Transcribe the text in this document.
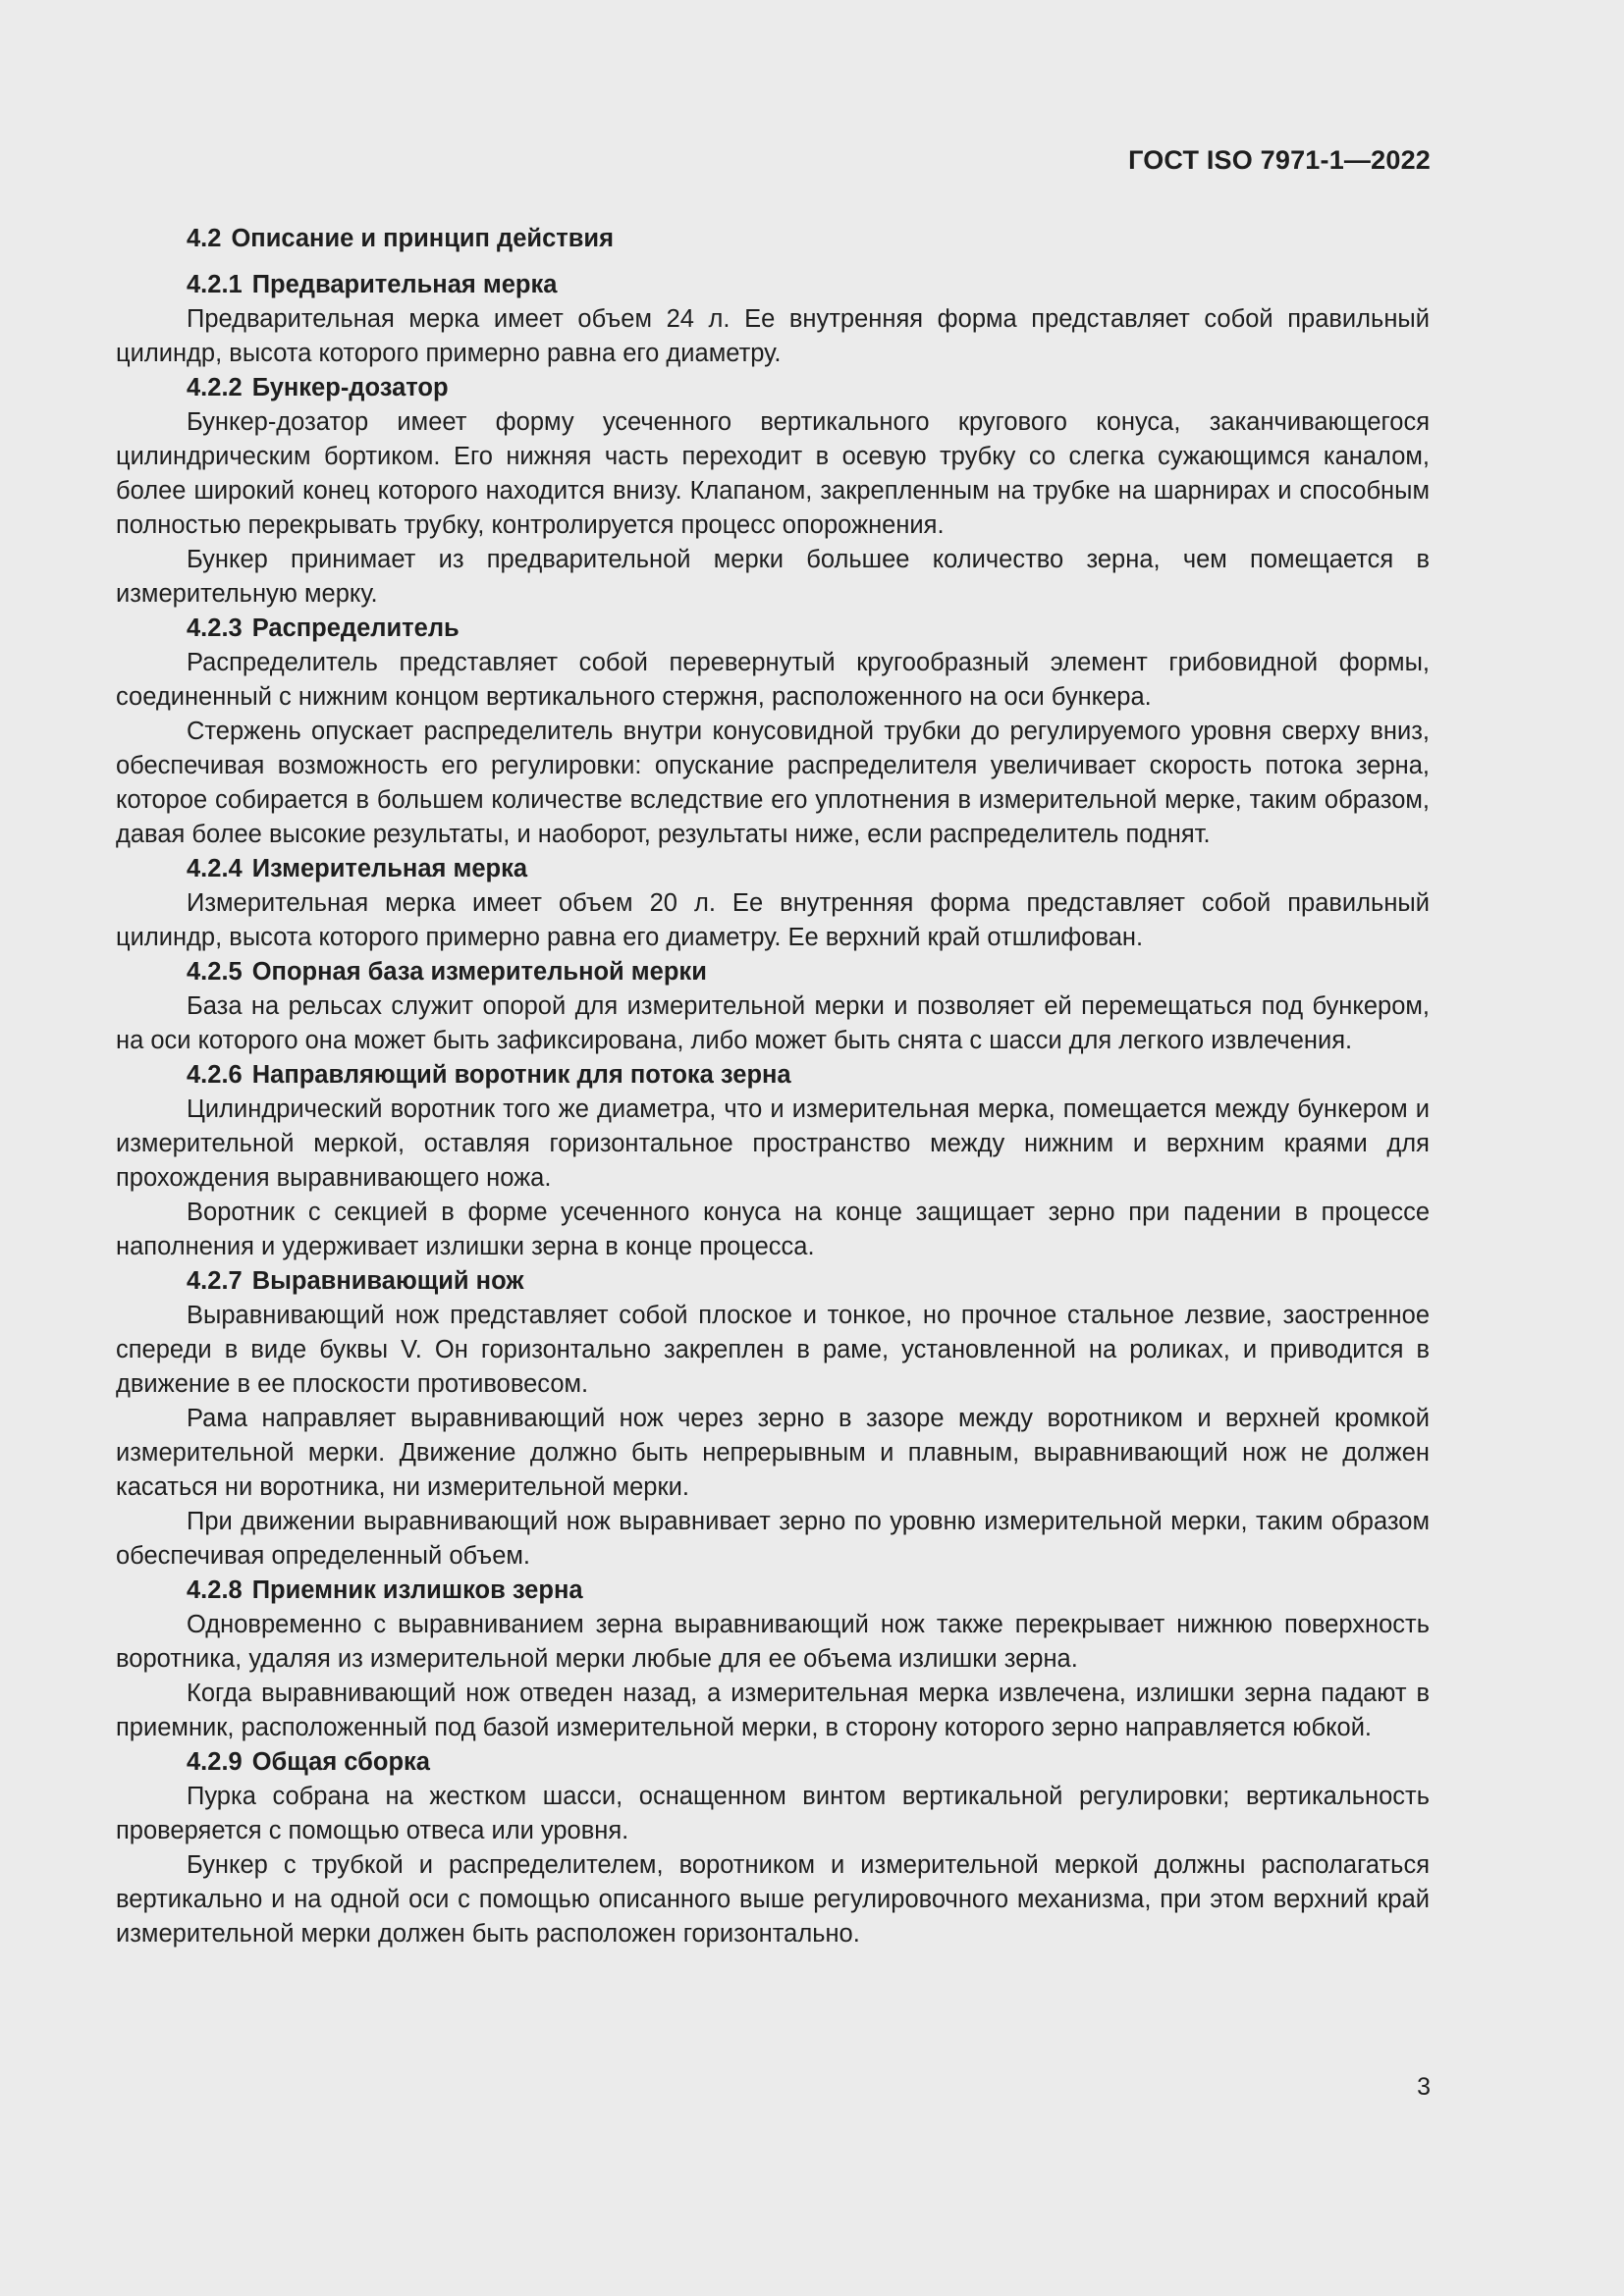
ГОСТ ISO 7971-1—2022
4.2 Описание и принцип действия
4.2.1 Предварительная мерка

Предварительная мерка имеет объем 24 л. Ее внутренняя форма представляет собой правильный цилиндр, высота которого примерно равна его диаметру.

4.2.2 Бункер-дозатор

Бункер-дозатор имеет форму усеченного вертикального кругового конуса, заканчивающегося цилиндрическим бортиком. Его нижняя часть переходит в осевую трубку со слегка сужающимся каналом, более широкий конец которого находится внизу. Клапаном, закрепленным на трубке на шарнирах и способным полностью перекрывать трубку, контролируется процесс опорожнения.

Бункер принимает из предварительной мерки большее количество зерна, чем помещается в измерительную мерку.

4.2.3 Распределитель

Распределитель представляет собой перевернутый кругообразный элемент грибовидной формы, соединенный с нижним концом вертикального стержня, расположенного на оси бункера.

Стержень опускает распределитель внутри конусовидной трубки до регулируемого уровня сверху вниз, обеспечивая возможность его регулировки: опускание распределителя увеличивает скорость потока зерна, которое собирается в большем количестве вследствие его уплотнения в измерительной мерке, таким образом, давая более высокие результаты, и наоборот, результаты ниже, если распределитель поднят.

4.2.4 Измерительная мерка

Измерительная мерка имеет объем 20 л. Ее внутренняя форма представляет собой правильный цилиндр, высота которого примерно равна его диаметру. Ее верхний край отшлифован.

4.2.5 Опорная база измерительной мерки

База на рельсах служит опорой для измерительной мерки и позволяет ей перемещаться под бункером, на оси которого она может быть зафиксирована, либо может быть снята с шасси для легкого извлечения.

4.2.6 Направляющий воротник для потока зерна

Цилиндрический воротник того же диаметра, что и измерительная мерка, помещается между бункером и измерительной меркой, оставляя горизонтальное пространство между нижним и верхним краями для прохождения выравнивающего ножа.

Воротник с секцией в форме усеченного конуса на конце защищает зерно при падении в процессе наполнения и удерживает излишки зерна в конце процесса.

4.2.7 Выравнивающий нож

Выравнивающий нож представляет собой плоское и тонкое, но прочное стальное лезвие, заостренное спереди в виде буквы V. Он горизонтально закреплен в раме, установленной на роликах, и приводится в движение в ее плоскости противовесом.

Рама направляет выравнивающий нож через зерно в зазоре между воротником и верхней кромкой измерительной мерки. Движение должно быть непрерывным и плавным, выравнивающий нож не должен касаться ни воротника, ни измерительной мерки.

При движении выравнивающий нож выравнивает зерно по уровню измерительной мерки, таким образом обеспечивая определенный объем.

4.2.8 Приемник излишков зерна

Одновременно с выравниванием зерна выравнивающий нож также перекрывает нижнюю поверхность воротника, удаляя из измерительной мерки любые для ее объема излишки зерна.

Когда выравнивающий нож отведен назад, а измерительная мерка извлечена, излишки зерна падают в приемник, расположенный под базой измерительной мерки, в сторону которого зерно направляется юбкой.

4.2.9 Общая сборка

Пурка собрана на жестком шасси, оснащенном винтом вертикальной регулировки; вертикальность проверяется с помощью отвеса или уровня.

Бункер с трубкой и распределителем, воротником и измерительной меркой должны располагаться вертикально и на одной оси с помощью описанного выше регулировочного механизма, при этом верхний край измерительной мерки должен быть расположен горизонтально.

3
